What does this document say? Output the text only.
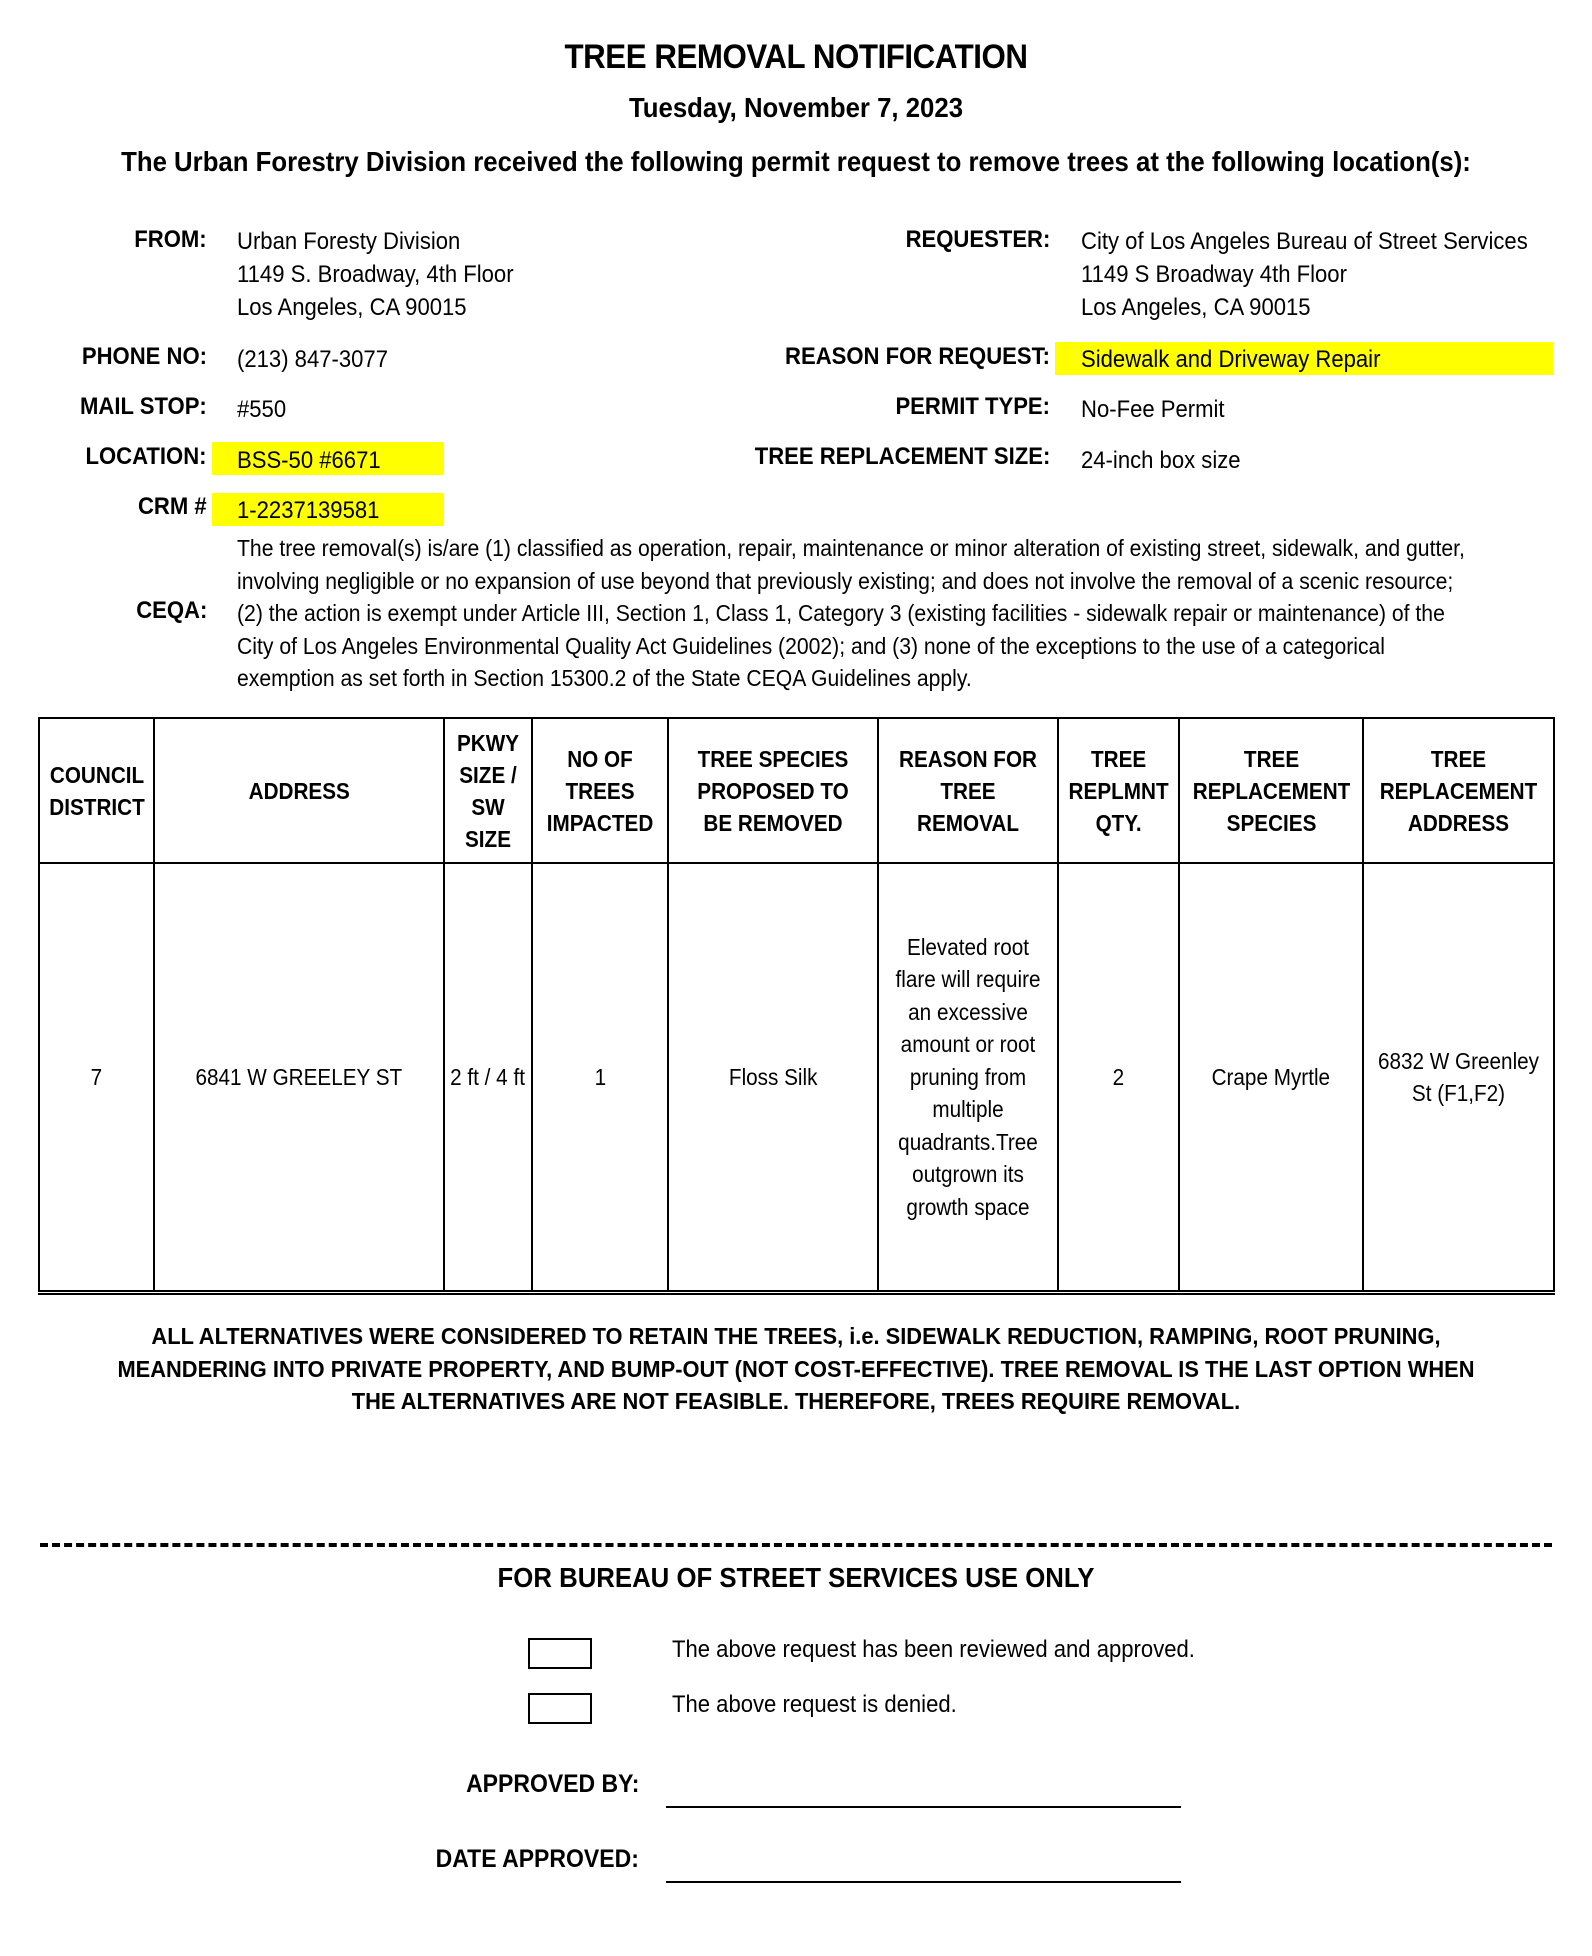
TREE REMOVAL NOTIFICATION
Tuesday, November 7, 2023
The Urban Forestry Division received the following permit request to remove trees at the following location(s):
FROM: Urban Foresty Division
1149 S. Broadway, 4th Floor
Los Angeles, CA 90015
PHONE NO: (213) 847-3077
MAIL STOP: #550
LOCATION: BSS-50 #6671
CRM # 1-2237139581
REQUESTER: City of Los Angeles Bureau of Street Services
1149 S Broadway 4th Floor
Los Angeles, CA 90015
REASON FOR REQUEST: Sidewalk and Driveway Repair
PERMIT TYPE: No-Fee Permit
TREE REPLACEMENT SIZE: 24-inch box size
CEQA:
The tree removal(s) is/are (1) classified as operation, repair, maintenance or minor alteration of existing street, sidewalk, and gutter, involving negligible or no expansion of use beyond that previously existing; and does not involve the removal of a scenic resource; (2) the action is exempt under Article III, Section 1, Class 1, Category 3 (existing facilities - sidewalk repair or maintenance) of the City of Los Angeles Environmental Quality Act Guidelines (2002); and (3) none of the exceptions to the use of a categorical exemption as set forth in Section 15300.2 of the State CEQA Guidelines apply.
COUNCIL DISTRICT	ADDRESS	PKWY SIZE / SW SIZE	NO OF TREES IMPACTED	TREE SPECIES PROPOSED TO BE REMOVED	REASON FOR TREE REMOVAL	TREE REPLMNT QTY.	TREE REPLACEMENT SPECIES	TREE REPLACEMENT ADDRESS
7	6841 W GREELEY ST	2 ft / 4 ft	1	Floss Silk	Elevated root flare will require an excessive amount or root pruning from multiple quadrants.Tree outgrown its growth space	2	Crape Myrtle	6832 W Greenley St (F1,F2)
ALL ALTERNATIVES WERE CONSIDERED TO RETAIN THE TREES, i.e. SIDEWALK REDUCTION, RAMPING, ROOT PRUNING, MEANDERING INTO PRIVATE PROPERTY, AND BUMP-OUT (NOT COST-EFFECTIVE). TREE REMOVAL IS THE LAST OPTION WHEN THE ALTERNATIVES ARE NOT FEASIBLE. THEREFORE, TREES REQUIRE REMOVAL.
FOR BUREAU OF STREET SERVICES USE ONLY
The above request has been reviewed and approved.
The above request is denied.
APPROVED BY:
DATE APPROVED:
